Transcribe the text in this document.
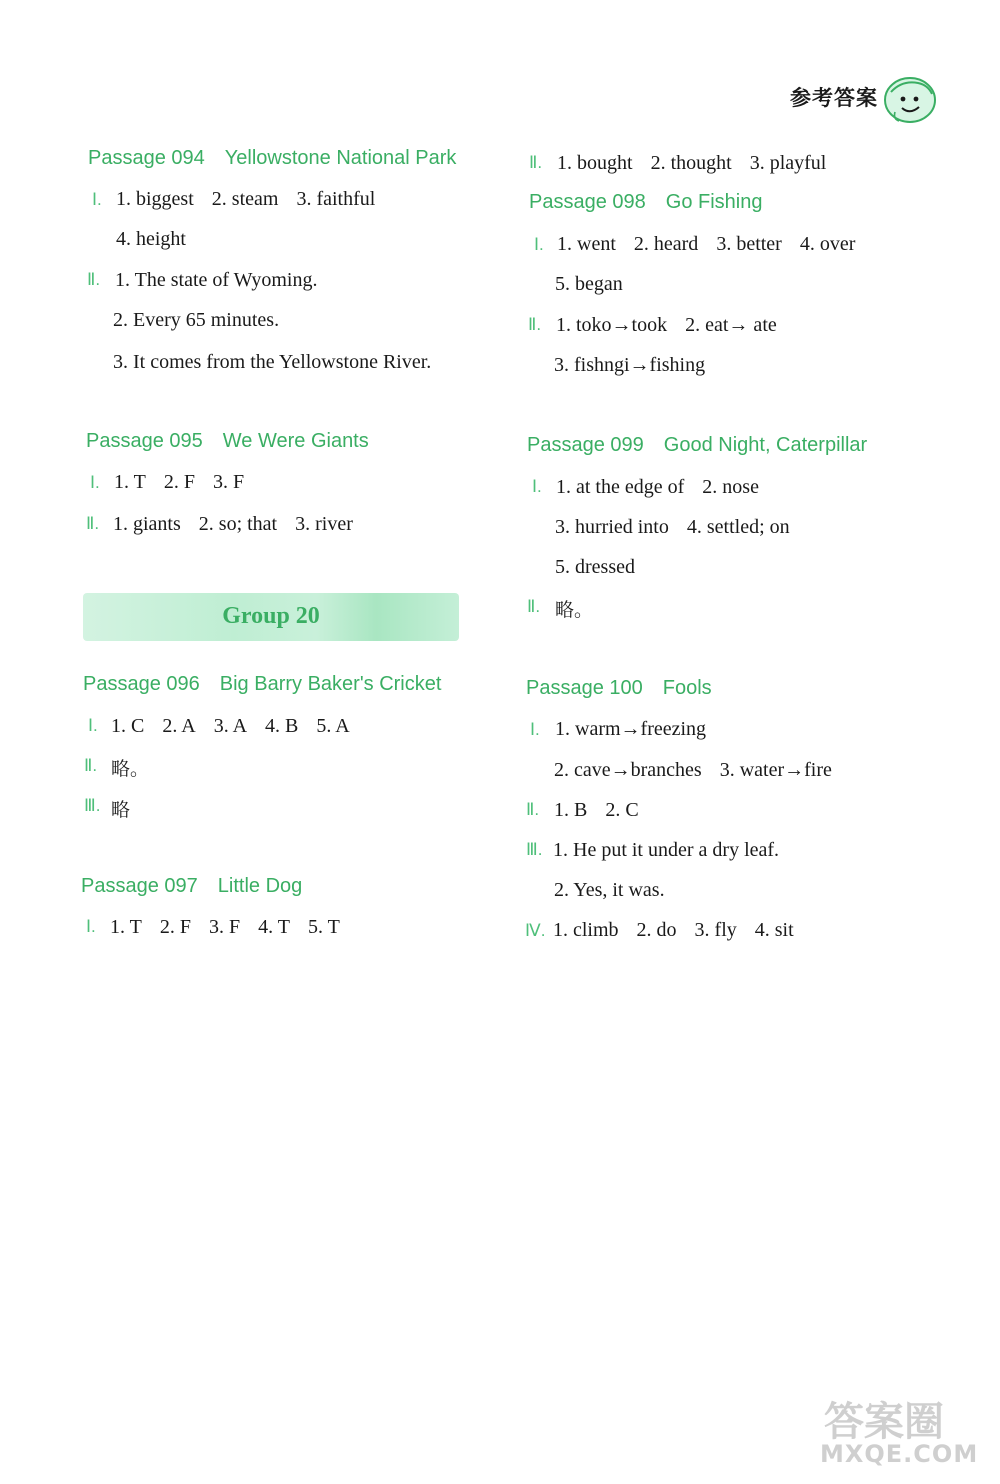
参考答案
Passage 094 Yellowstone National Park
Ⅰ. 1. biggest 2. steam 3. faithful
4. height
Ⅱ. 1. The state of Wyoming.
2. Every 65 minutes.
3. It comes from the Yellowstone River.
Passage 095 We Were Giants
Ⅰ. 1. T 2. F 3. F
Ⅱ. 1. giants 2. so; that 3. river
Group 20
Passage 096 Big Barry Baker's Cricket
Ⅰ. 1. C 2. A 3. A 4. B 5. A
Ⅱ. 略。
Ⅲ. 略
Passage 097 Little Dog
Ⅰ. 1. T 2. F 3. F 4. T 5. T
Ⅱ. 1. bought 2. thought 3. playful
Passage 098 Go Fishing
Ⅰ. 1. went 2. heard 3. better 4. over
5. began
Ⅱ. 1. toko→took 2. eat→ ate
3. fishngi→fishing
Passage 099 Good Night, Caterpillar
Ⅰ. 1. at the edge of 2. nose
3. hurried into 4. settled; on
5. dressed
Ⅱ. 略。
Passage 100 Fools
Ⅰ. 1. warm→freezing
2. cave→branches 3. water→fire
Ⅱ. 1. B 2. C
Ⅲ. 1. He put it under a dry leaf.
2. Yes, it was.
Ⅳ. 1. climb 2. do 3. fly 4. sit
答案圈
MXQE.COM
